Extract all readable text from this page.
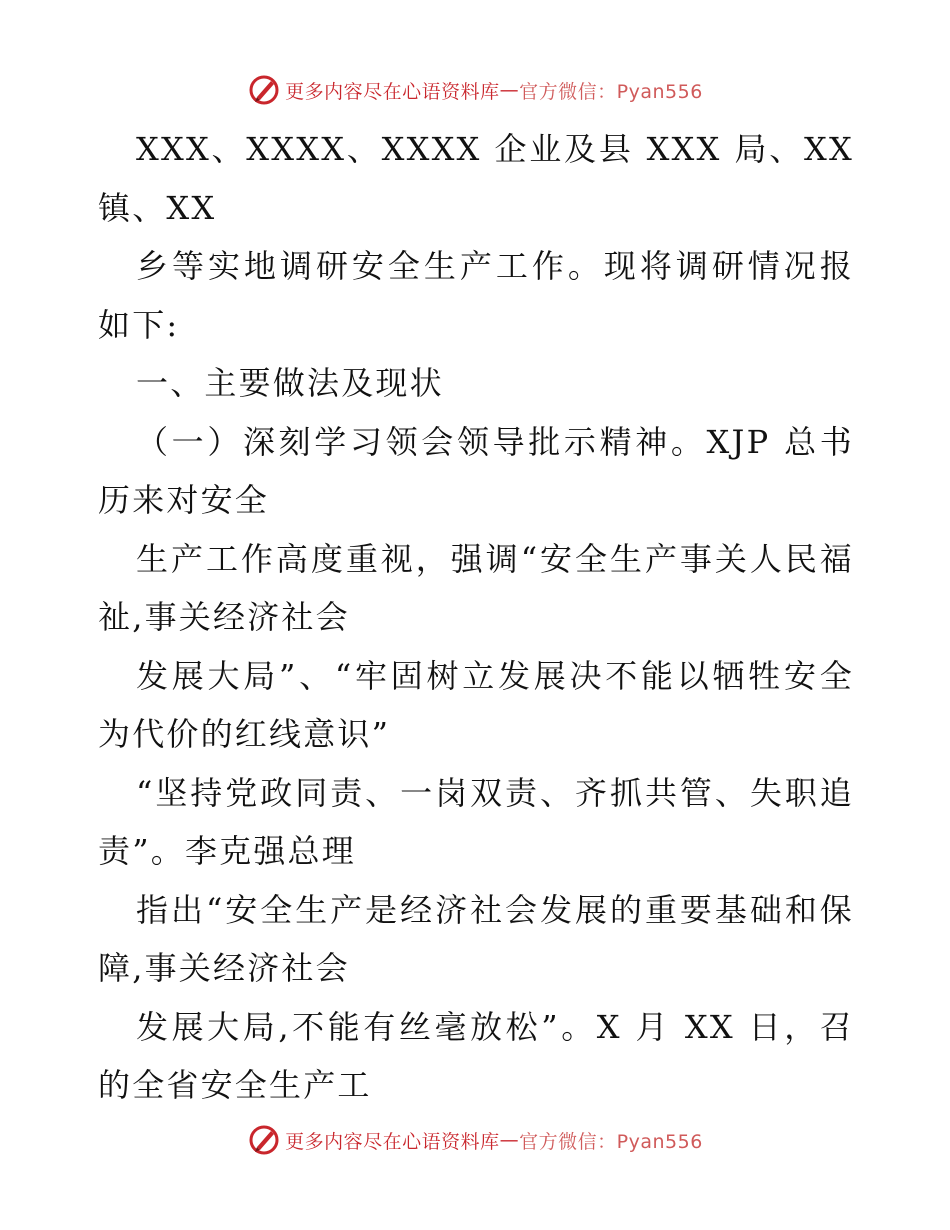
更多内容尽在心语资料库 — 官方微信：Pyan556
XXX、XXXX、XXXX 企业及县 XXX 局、XX
镇、XX
乡等实地调研安全生产工作。现将调研情况报
如下:
一、主要做法及现状
（一）深刻学习领会领导批示精神。XJP 总书
历来对安全
生产工作高度重视，强调“安全生产事关人民福
祉,事关经济社会
发展大局”、“牢固树立发展决不能以牺牲安全
为代价的红线意识”
“坚持党政同责、一岗双责、齐抓共管、失职追
责”。李克强总理
指出“安全生产是经济社会发展的重要基础和保
障,事关经济社会
发展大局,不能有丝毫放松”。X 月 XX 日，召
的全省安全生产工
更多内容尽在心语资料库 — 官方微信：Pyan556
